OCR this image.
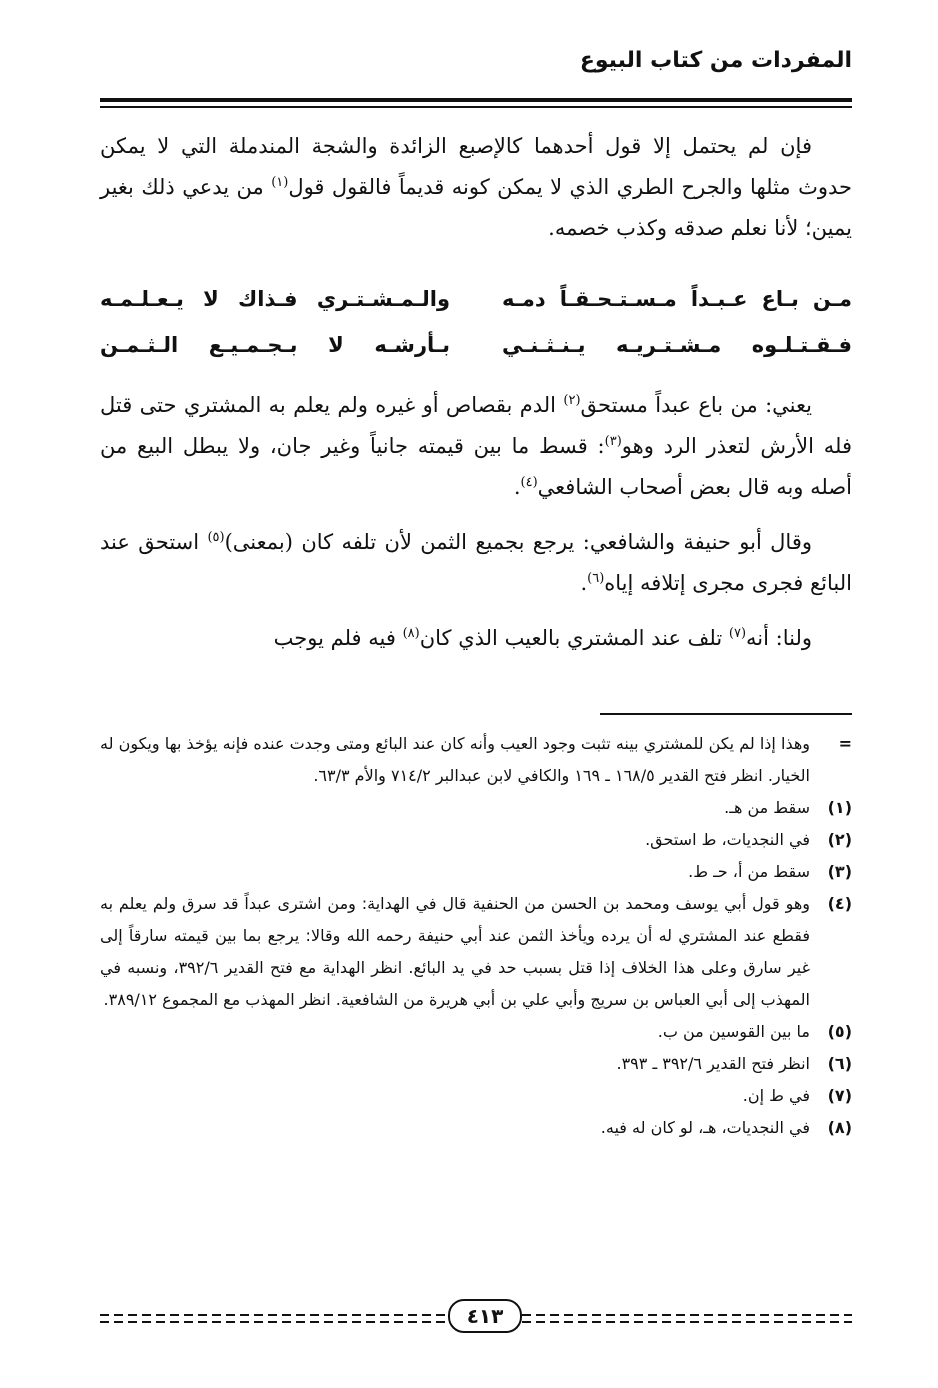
المفردات من كتاب البيوع

فإن لم يحتمل إلا قول أحدهما كالإصبع الزائدة والشجة المندملة التي لا يمكن حدوث مثلها والجرح الطري الذي لا يمكن كونه قديماً فالقول قول$^{(١)}$ من يدعي ذلك بغير يمين؛ لأنا نعلم صدقه وكذب خصمه.

مـن بـاع عـبـداً مـسـتـحـقـاً دمـه
والـمـشـتـري فـذاك لا يـعـلـمـه
فـقـتـلـوه مـشـتـريـه يـنـثـنـي
بـأرشـه لا بـجـمـيـع الـثـمـن

يعني: من باع عبداً مستحق$^{(٢)}$ الدم بقصاص أو غيره ولم يعلم به المشتري حتى قتل فله الأرش لتعذر الرد وهو$^{(٣)}$: قسط ما بين قيمته جانياً وغير جان، ولا يبطل البيع من أصله وبه قال بعض أصحاب الشافعي$^{(٤)}$.

وقال أبو حنيفة والشافعي: يرجع بجميع الثمن لأن تلفه كان (بمعنى)$^{(٥)}$ استحق عند البائع فجرى مجرى إتلافه إياه$^{(٦)}$.

ولنا: أنه$^{(٧)}$ تلف عند المشتري بالعيب الذي كان$^{(٨)}$ فيه فلم يوجب

=
وهذا إذا لم يكن للمشتري بينه تثبت وجود العيب وأنه كان عند البائع ومتى وجدت عنده فإنه يؤخذ بها ويكون له الخيار. انظر فتح القدير ١٦٨/٥ ـ ١٦٩ والكافي لابن عبدالبر ٧١٤/٢ والأم ٦٣/٣.
(١)
سقط من هـ.
(٢)
في النجديات، ط استحق.
(٣)
سقط من أ، حـ ط.
(٤)
وهو قول أبي يوسف ومحمد بن الحسن من الحنفية قال في الهداية: ومن اشترى عبداً قد سرق ولم يعلم به فقطع عند المشتري له أن يرده ويأخذ الثمن عند أبي حنيفة رحمه الله وقالا: يرجع بما بين قيمته سارقاً إلى غير سارق وعلى هذا الخلاف إذا قتل بسبب حد في يد البائع. انظر الهداية مع فتح القدير ٣٩٢/٦، ونسبه في المهذب إلى أبي العباس بن سريج وأبي علي بن أبي هريرة من الشافعية. انظر المهذب مع المجموع ٣٨٩/١٢.
(٥)
ما بين القوسين من ب.
(٦)
انظر فتح القدير ٣٩٢/٦ ـ ٣٩٣.
(٧)
في ط إن.
(٨)
في النجديات، هـ، لو كان له فيه.
٤١٣
